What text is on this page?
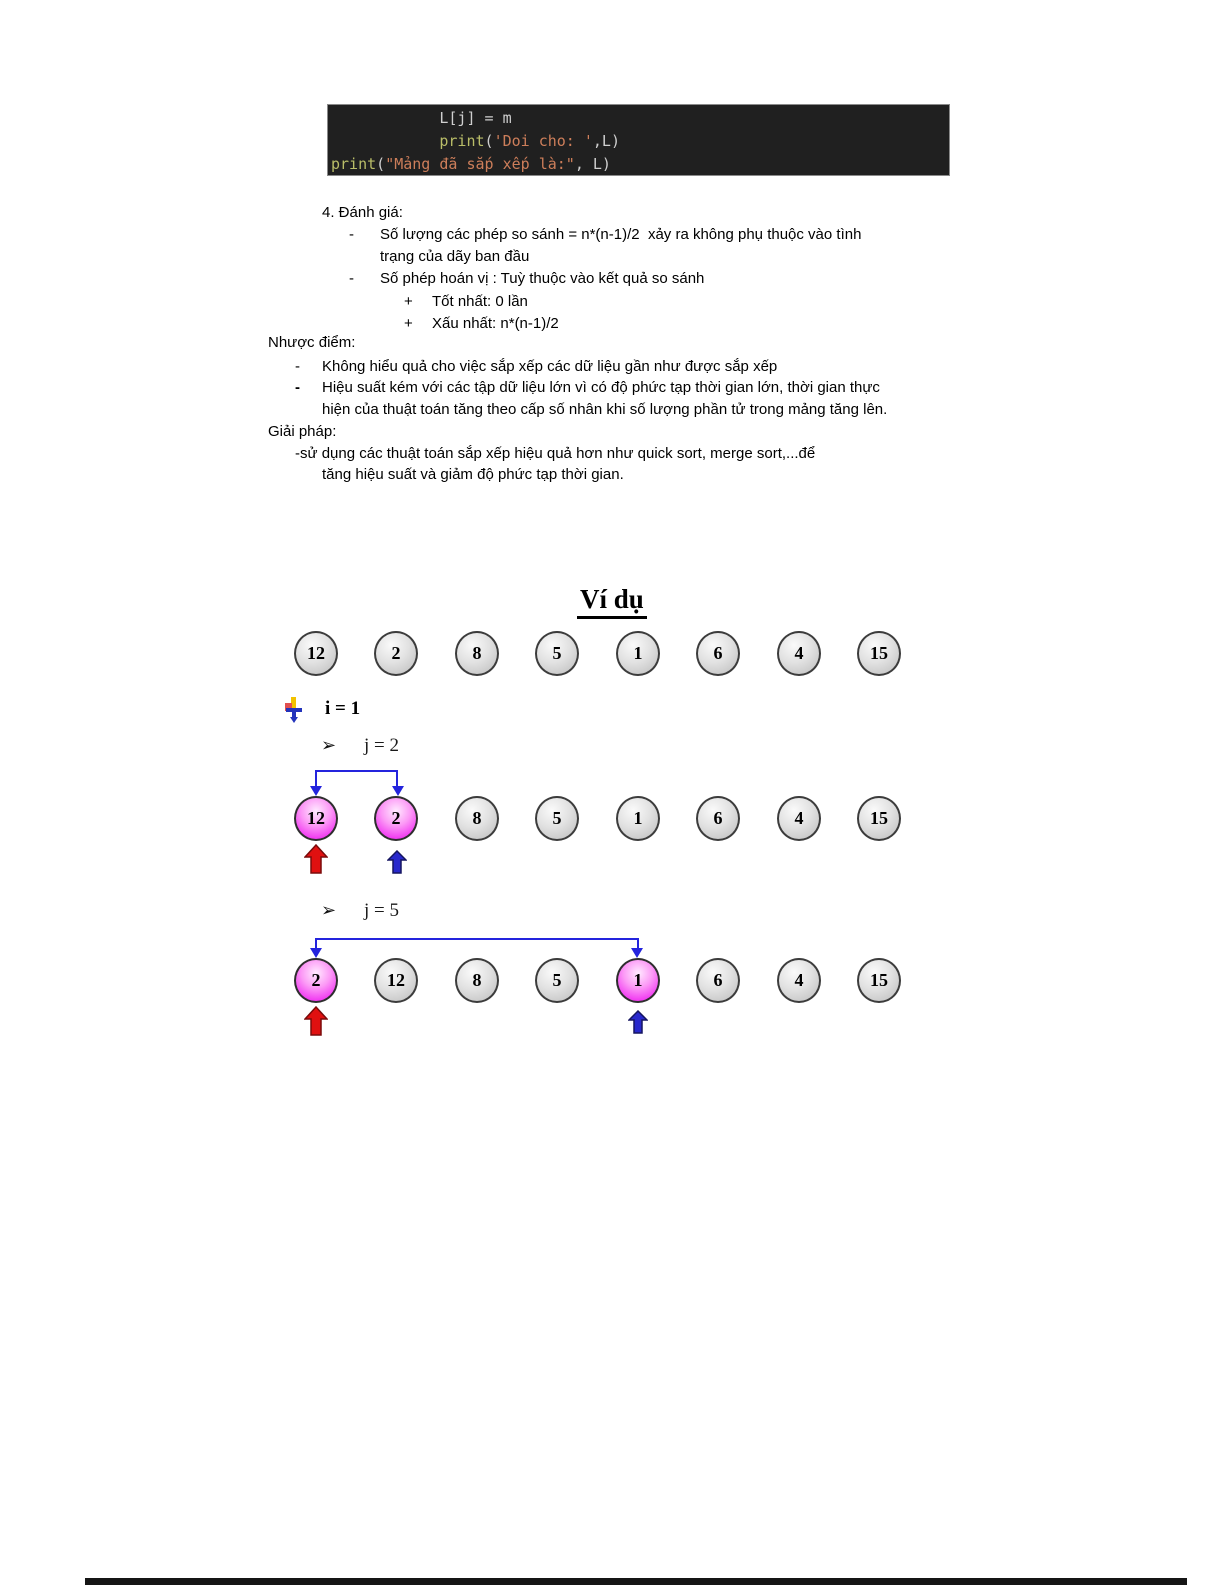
L[j] = m
print('Doi cho: ',L)
print("Mảng đã sắp xếp là:", L)
4. Đánh giá:
- Số lượng các phép so sánh = n*(n-1)/2  xảy ra không phụ thuộc vào tình
trạng của dãy ban đầu
- Số phép hoán vị : Tuỳ thuộc vào kết quả so sánh
+ Tốt nhất: 0 lần
+ Xấu nhất: n*(n-1)/2
Nhược điểm:
- Không hiểu quả cho việc sắp xếp các dữ liệu gần như được sắp xếp
- Hiệu suất kém với các tập dữ liệu lớn vì có độ phức tạp thời gian lớn, thời gian thực
hiện của thuật toán tăng theo cấp số nhân khi số lượng phần tử trong mảng tăng lên.
Giải pháp:
-sử dụng các thuật toán sắp xếp hiệu quả hơn như quick sort, merge sort,...để
tăng hiệu suất và giảm độ phức tạp thời gian.
Ví dụ
12	2	8	5	1	6	4	15
i = 1
➢ j = 2
12	2	8	5	1	6	4	15
➢ j = 5
2	12	8	5	1	6	4	15
